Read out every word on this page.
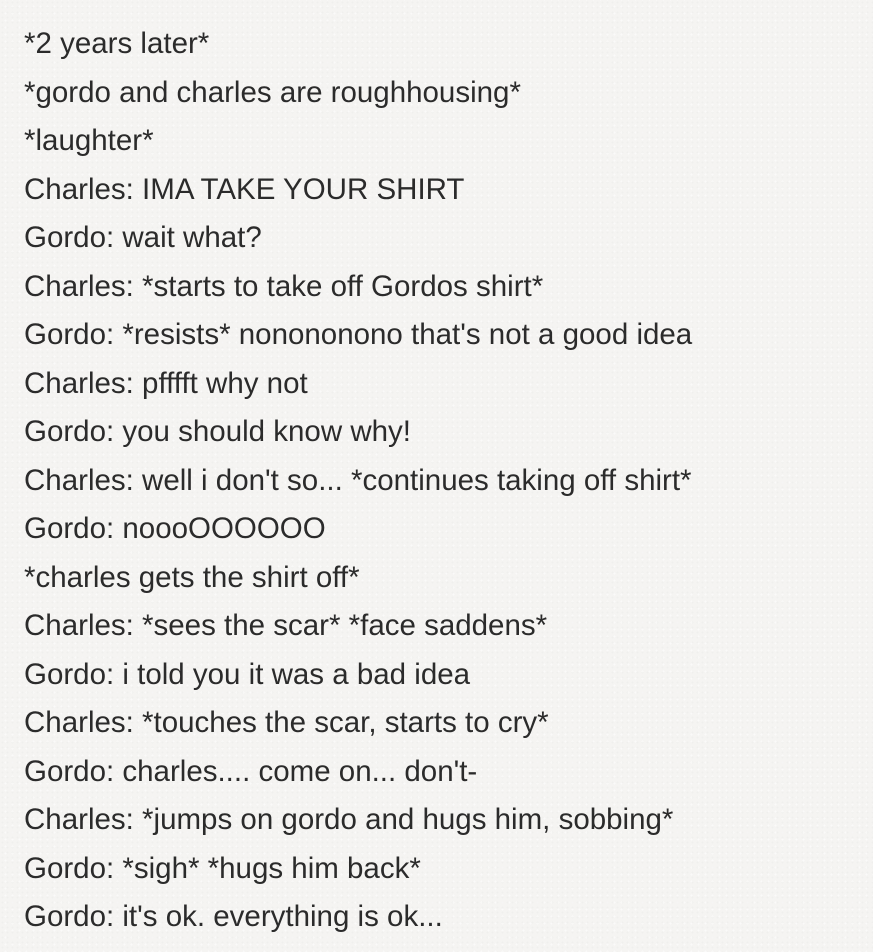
*2 years later*
*gordo and charles are roughhousing*
*laughter*
Charles: IMA TAKE YOUR SHIRT
Gordo: wait what?
Charles: *starts to take off Gordos shirt*
Gordo: *resists* nonononono that's not a good idea
Charles: pfffft why not
Gordo: you should know why!
Charles: well i don't so... *continues taking off shirt*
Gordo: noooOOOOOO
*charles gets the shirt off*
Charles: *sees the scar* *face saddens*
Gordo: i told you it was a bad idea
Charles: *touches the scar, starts to cry*
Gordo: charles.... come on... don't-
Charles: *jumps on gordo and hugs him, sobbing*
Gordo: *sigh* *hugs him back*
Gordo: it's ok. everything is ok...
